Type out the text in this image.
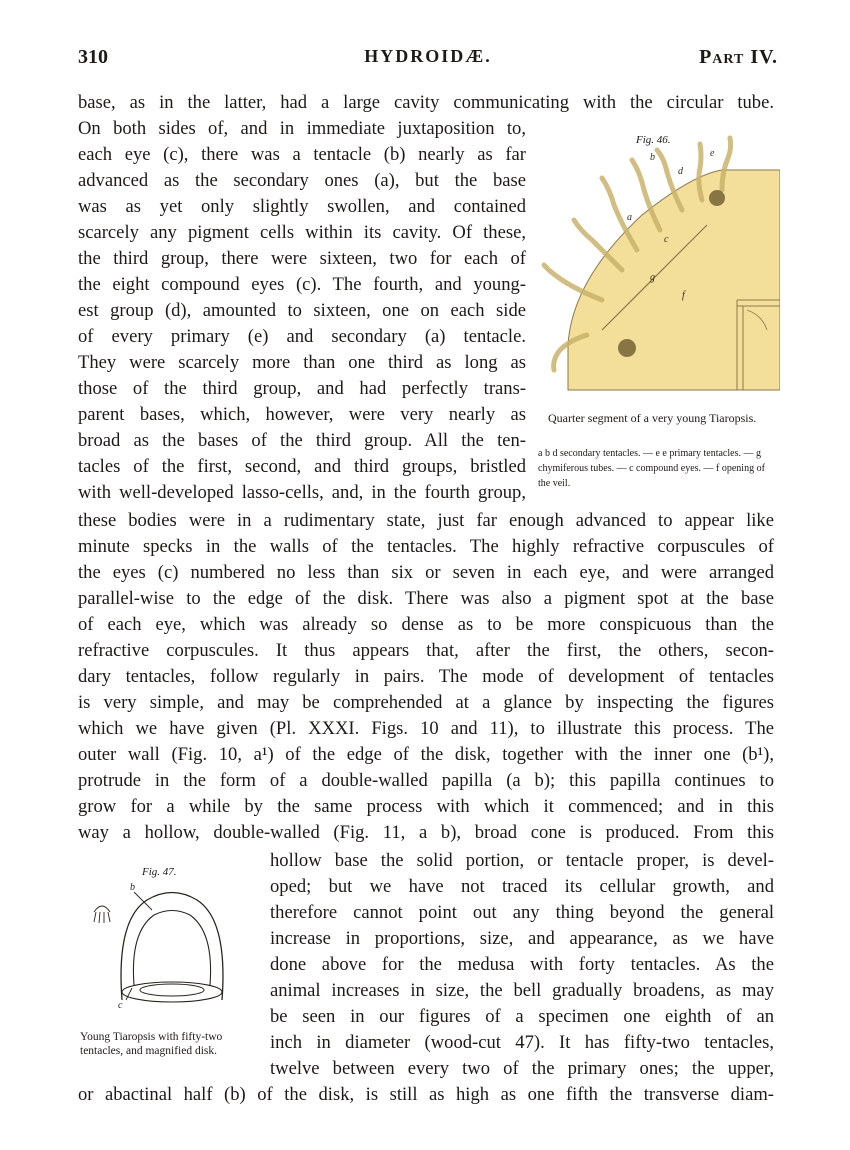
310	HYDROIDÆ.	Part IV.
base, as in the latter, had a large cavity communicating with the circular tube.
On both sides of, and in immediate juxtaposition to,
each eye (c), there was a tentacle (b) nearly as far
advanced as the secondary ones (a), but the base
was as yet only slightly swollen, and contained
scarcely any pigment cells within its cavity. Of these,
the third group, there were sixteen, two for each of
the eight compound eyes (c). The fourth, and young-
est group (d), amounted to sixteen, one on each side
of every primary (e) and secondary (a) tentacle.
They were scarcely more than one third as long as
those of the third group, and had perfectly trans-
parent bases, which, however, were very nearly as
broad as the bases of the third group. All the ten-
tacles of the first, second, and third groups, bristled
with well-developed lasso-cells, and, in the fourth group,
these bodies were in a rudimentary state, just far enough advanced to appear like
minute specks in the walls of the tentacles. The highly refractive corpuscules of
the eyes (c) numbered no less than six or seven in each eye, and were arranged
parallel-wise to the edge of the disk. There was also a pigment spot at the base
of each eye, which was already so dense as to be more conspicuous than the
refractive corpuscules. It thus appears that, after the first, the others, secon-
dary tentacles, follow regularly in pairs. The mode of development of tentacles
is very simple, and may be comprehended at a glance by inspecting the figures
which we have given (Pl. XXXI. Figs. 10 and 11), to illustrate this process. The
outer wall (Fig. 10, a¹) of the edge of the disk, together with the inner one (b¹),
protrude in the form of a double-walled papilla (a b); this papilla continues to
grow for a while by the same process with which it commenced; and in this
way a hollow, double-walled (Fig. 11, a b), broad cone is produced. From this
hollow base the solid portion, or tentacle proper, is devel-
oped; but we have not traced its cellular growth, and
therefore cannot point out any thing beyond the general
increase in proportions, size, and appearance, as we have
done above for the medusa with forty tentacles. As the
animal increases in size, the bell gradually broadens, as may
be seen in our figures of a specimen one eighth of an
inch in diameter (wood-cut 47). It has fifty-two tentacles,
twelve between every two of the primary ones; the upper,
or abactinal half (b) of the disk, is still as high as one fifth the transverse diam-
Fig. 46.
b
a
d
e
c
f
g
Quarter segment of a very young Tiaropsis.
a b d secondary tentacles. — e e primary tentacles. — g chymiferous tubes. — c compound eyes. — f opening of the veil.
Fig. 47.
b
c
Young Tiaropsis with fifty-two tentacles, and magnified disk.
